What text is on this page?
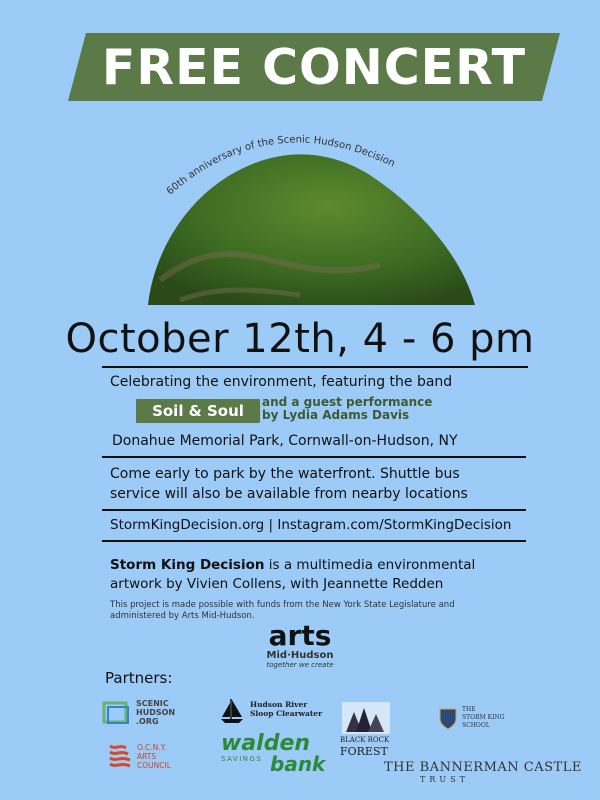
FREE CONCERT
60th anniversary of the Scenic Hudson Decision
October 12th, 4 - 6 pm
Celebrating the environment, featuring the band
Soil & Soul	and a guest performance
by Lydia Adams Davis
Donahue Memorial Park, Cornwall-on-Hudson, NY
Come early to park by the waterfront. Shuttle bus
service will also be available from nearby locations
StormKingDecision.org | Instagram.com/StormKingDecision
Storm King Decision is a multimedia environmental
artwork by Vivien Collens, with Jeannette Redden
This project is made possible with funds from the New York State Legislature and
administered by Arts Mid-Hudson.
arts
Mid·Hudson
together we create
Partners:
SCENIC
HUDSON
.ORG
Hudson River
Sloop Clearwater
BLACK ROCK
FOREST
THE
STORM KING
SCHOOL
O.C.N.Y.
ARTS
COUNCIL
walden
SAVINGS bank	THE BANNERMAN CASTLE
TRUST
